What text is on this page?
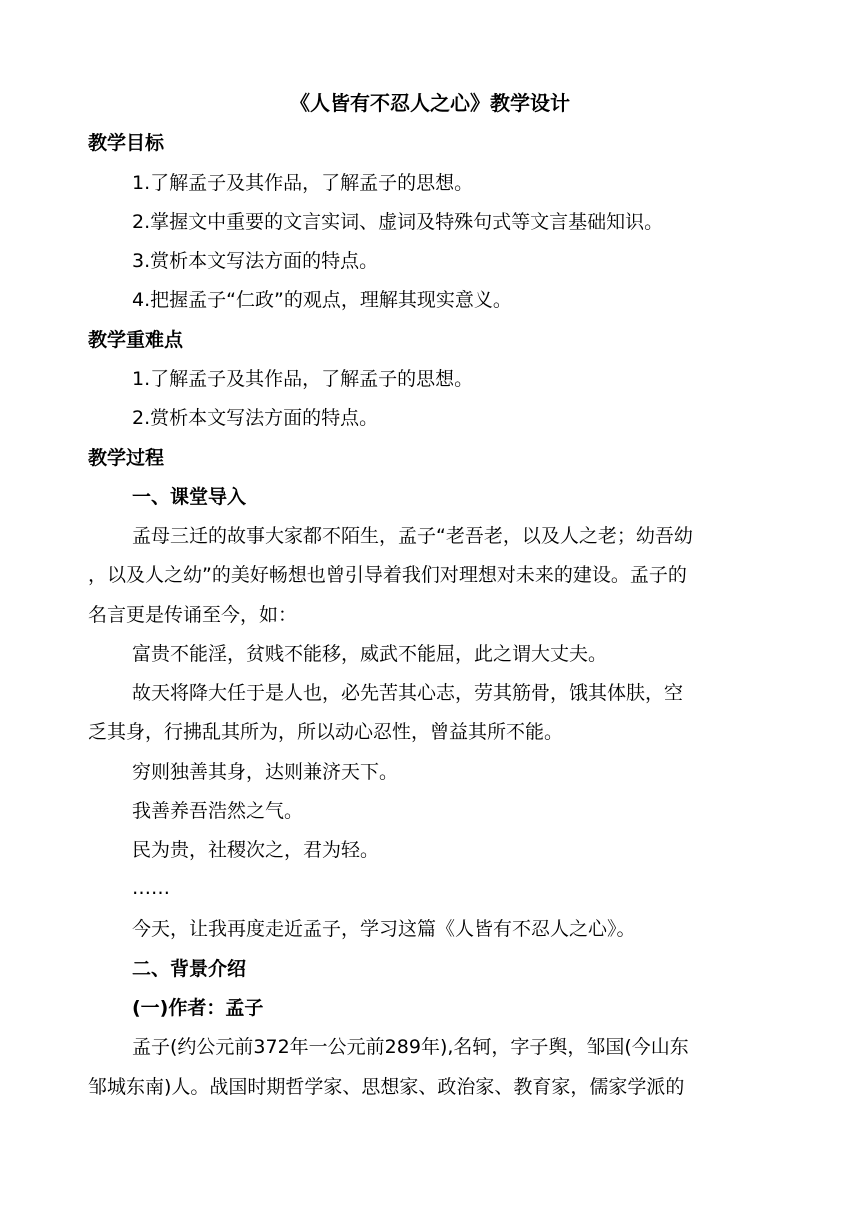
《人皆有不忍人之心》教学设计
教学目标
1.了解孟子及其作品，了解孟子的思想。
2.掌握文中重要的文言实词、虚词及特殊句式等文言基础知识。
3.赏析本文写法方面的特点。
4.把握孟子“仁政”的观点，理解其现实意义。
教学重难点
1.了解孟子及其作品，了解孟子的思想。
2.赏析本文写法方面的特点。
教学过程
一、课堂导入
孟母三迁的故事大家都不陌生，孟子“老吾老，以及人之老；幼吾幼
，以及人之幼”的美好畅想也曾引导着我们对理想对未来的建设。孟子的
名言更是传诵至今，如：
富贵不能淫，贫贱不能移，威武不能屈，此之谓大丈夫。
故天将降大任于是人也，必先苦其心志，劳其筋骨，饿其体肤，空
乏其身，行拂乱其所为，所以动心忍性，曾益其所不能。
穷则独善其身，达则兼济天下。
我善养吾浩然之气。
民为贵，社稷次之，君为轻。
……
今天，让我再度走近孟子，学习这篇《人皆有不忍人之心》。
二、背景介绍
(一)作者：孟子
孟子(约公元前372年一公元前289年),名轲，字子舆，邹国(今山东
邹城东南)人。战国时期哲学家、思想家、政治家、教育家，儒家学派的
